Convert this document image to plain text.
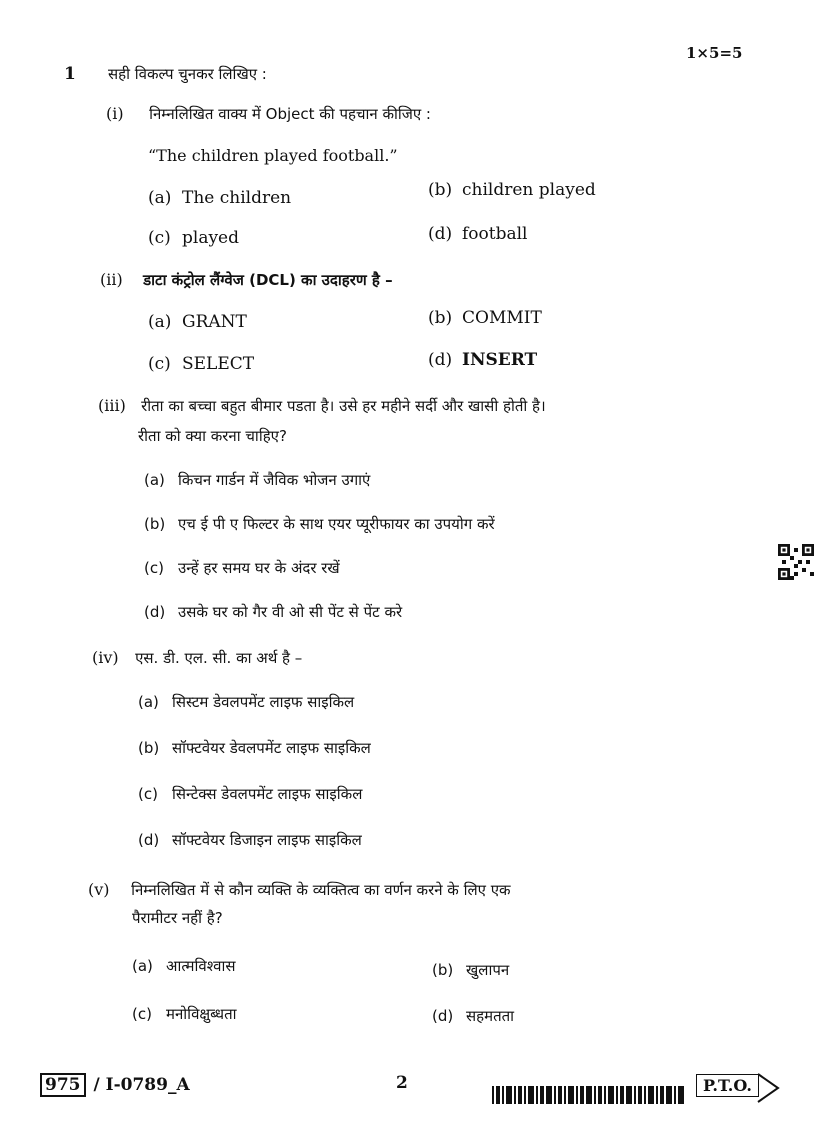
1×5=5
1 सही विकल्प चुनकर लिखिए :
(i) निम्नलिखित वाक्य में Object की पहचान कीजिए :
“The children played football.”
(a) The children	(b) children played
(c) played	(d) football
(ii) डाटा कंट्रोल लैंग्वेज (DCL) का उदाहरण है –
(a) GRANT	(b) COMMIT
(c) SELECT	(d) INSERT
(iii) रीता का बच्चा बहुत बीमार पडता है। उसे हर महीने सर्दी और खासी होती है।
रीता को क्या करना चाहिए?
(a) किचन गार्डन में जैविक भोजन उगाएं
(b) एच ई पी ए फिल्टर के साथ एयर प्यूरीफायर का उपयोग करें
(c) उन्हें हर समय घर के अंदर रखें
(d) उसके घर को गैर वी ओ सी पेंट से पेंट करे
(iv) एस. डी. एल. सी. का अर्थ है –
(a) सिस्टम डेवलपमेंट लाइफ साइकिल
(b) सॉफ्टवेयर डेवलपमेंट लाइफ साइकिल
(c) सिन्टेक्स डेवलपमेंट लाइफ साइकिल
(d) सॉफ्टवेयर डिजाइन लाइफ साइकिल
(v) निम्नलिखित में से कौन व्यक्ति के व्यक्तित्व का वर्णन करने के लिए एक
पैरामीटर नहीं है?
(a) आत्मविश्वास	(b) खुलापन
(c) मनोविक्षुब्धता	(d) सहमतता
975 / I-0789_A	2	P.T.O.
